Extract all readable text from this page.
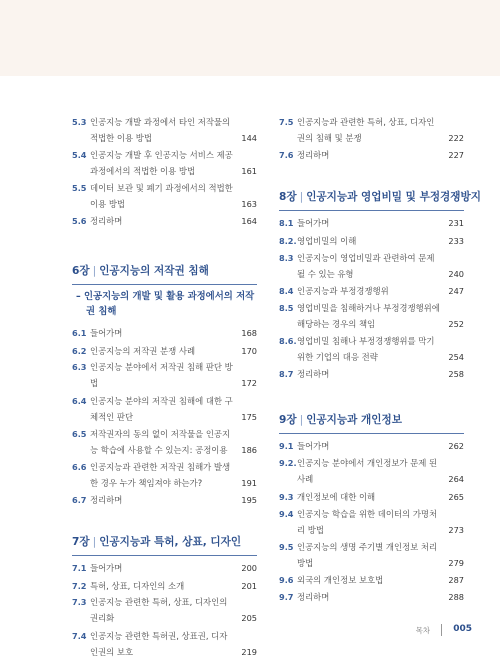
5.3 인공지능 개발 과정에서 타인 저작물의 적법한 이용 방법	144
5.4 인공지능 개발 후 인공지능 서비스 제공 과정에서의 적법한 이용 방법	161
5.5 데이터 보관 및 폐기 과정에서의 적법한 이용 방법	163
5.6 정리하며	164
6장 | 인공지능의 저작권 침해
– 인공지능의 개발 및 활용 과정에서의 저작권 침해
6.1 들어가며	168
6.2 인공지능의 저작권 분쟁 사례	170
6.3 인공지능 분야에서 저작권 침해 판단 방법	172
6.4 인공지능 분야의 저작권 침해에 대한 구체적인 판단	175
6.5 저작권자의 동의 없이 저작물을 인공지능 학습에 사용할 수 있는지: 공정이용 186
6.6 인공지능과 관련한 저작권 침해가 발생한 경우 누가 책임져야 하는가?	191
6.7 정리하며	195
7장 | 인공지능과 특허, 상표, 디자인
7.1 들어가며	200
7.2 특허, 상표, 디자인의 소개	201
7.3 인공지능 관련한 특허, 상표, 디자인의 권리화	205
7.4 인공지능 관련한 특허권, 상표권, 디자인권의 보호	219
7.5 인공지능과 관련한 특허, 상표, 디자인권의 침해 및 분쟁	222
7.6 정리하며	227
8장 | 인공지능과 영업비밀 및 부정경쟁방지
8.1 들어가며	231
8.2. 영업비밀의 이해	233
8.3 인공지능이 영업비밀과 관련하여 문제 될 수 있는 유형	240
8.4 인공지능과 부정경쟁행위	247
8.5 영업비밀을 침해하거나 부정경쟁행위에 해당하는 경우의 책임	252
8.6. 영업비밀 침해나 부정경쟁행위를 막기 위한 기업의 대응 전략	254
8.7 정리하며	258
9장 | 인공지능과 개인정보
9.1 들어가며	262
9.2. 인공지능 분야에서 개인정보가 문제 된 사례	264
9.3 개인정보에 대한 이해	265
9.4 인공지능 학습을 위한 데이터의 가명처리 방법	273
9.5 인공지능의 생명 주기별 개인정보 처리 방법	279
9.6 외국의 개인정보 보호법	287
9.7 정리하며	288
목차	005
